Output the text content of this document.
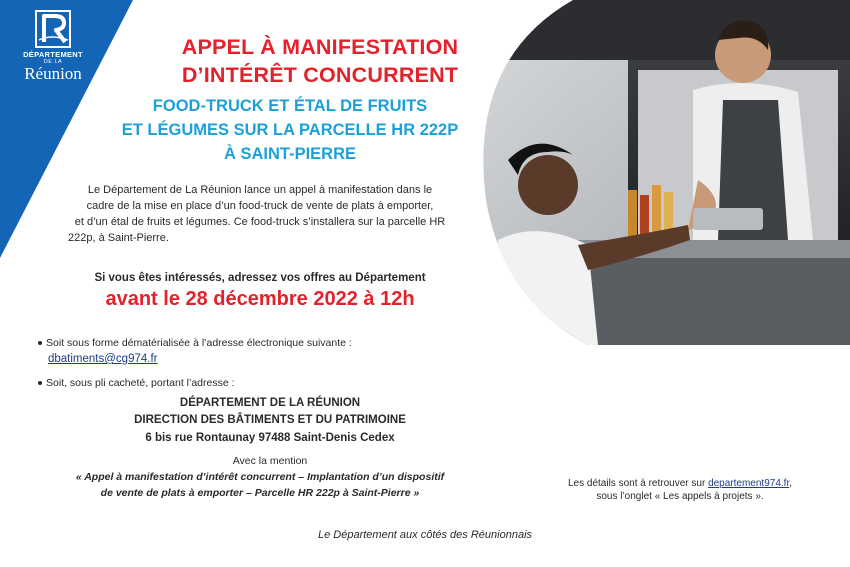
DÉPARTEMENT
DE LA
Réunion
APPEL À MANIFESTATION
D’INTÉRÊT CONCURRENT
FOOD-TRUCK ET ÉTAL DE FRUITS
ET LÉGUMES SUR LA PARCELLE HR 222P
À SAINT-PIERRE
Le Département de La Réunion lance un appel à manifestation dans le
cadre de la mise en place d’un food-truck de vente de plats à emporter,
et d’un étal de fruits et légumes. Ce food-truck s’installera sur la parcelle HR
222p, à Saint-Pierre.
Si vous êtes intéressés, adressez vos offres au Département
avant le 28 décembre 2022 à 12h
Soit sous forme dématérialisée à l’adresse électronique suivante :
dbatiments@cg974.fr
Soit, sous pli cacheté, portant l’adresse :
DÉPARTEMENT DE LA RÉUNION
DIRECTION DES BÂTIMENTS ET DU PATRIMOINE
6 bis rue Rontaunay 97488 Saint-Denis Cedex
Avec la mention
« Appel à manifestation d’intérêt concurrent – Implantation d’un dispositif
de vente de plats à emporter – Parcelle HR 222p à Saint-Pierre »
Les détails sont à retrouver sur departement974.fr,
sous l’onglet « Les appels à projets ».
Le Département aux côtés des Réunionnais
